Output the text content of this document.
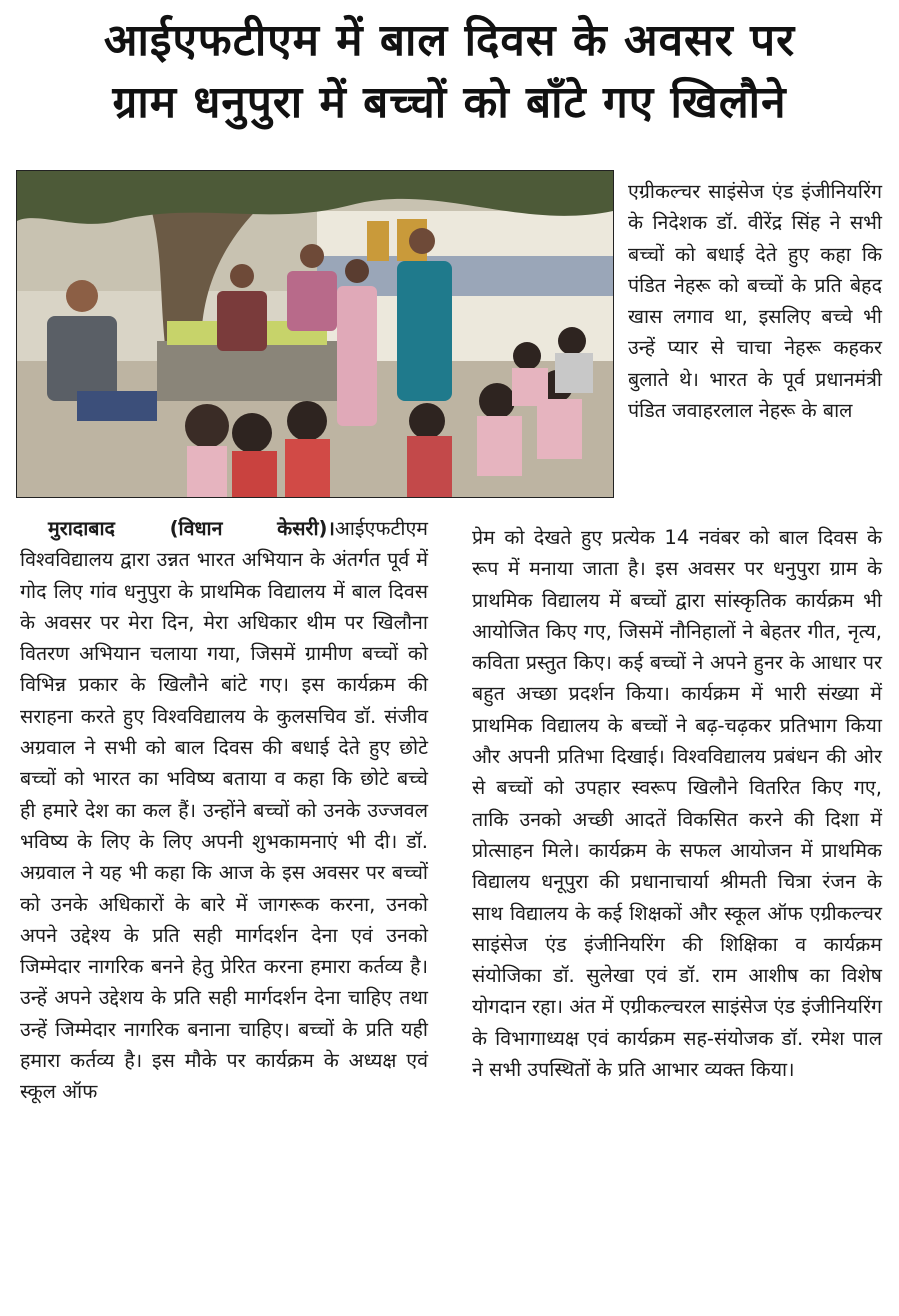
आईएफटीएम में बाल दिवस के अवसर पर
ग्राम धनुपुरा में बच्चों को बाँटे गए खिलौने

एग्रीकल्चर साइंसेज एंड इंजीनियरिंग के निदेशक डॉ. वीरेंद्र सिंह ने सभी बच्चों को बधाई देते हुए कहा कि पंडित नेहरू को बच्चों के प्रति बेहद खास लगाव था, इसलिए बच्चे भी उन्हें प्यार से चाचा नेहरू कहकर बुलाते थे। भारत के पूर्व प्रधानमंत्री पंडित जवाहरलाल नेहरू के बाल

मुरादाबाद (विधान केसरी)।आईएफटीएम विश्वविद्यालय द्वारा उन्नत भारत अभियान के अंतर्गत पूर्व में गोद लिए गांव धनुपुरा के प्राथमिक विद्यालय में बाल दिवस के अवसर पर मेरा दिन, मेरा अधिकार थीम पर खिलौना वितरण अभियान चलाया गया, जिसमें ग्रामीण बच्चों को विभिन्न प्रकार के खिलौने बांटे गए। इस कार्यक्रम की सराहना करते हुए विश्वविद्यालय के कुलसचिव डॉ. संजीव अग्रवाल ने सभी को बाल दिवस की बधाई देते हुए छोटे बच्चों को भारत का भविष्य बताया व कहा कि छोटे बच्चे ही हमारे देश का कल हैं। उन्होंने बच्चों को उनके उज्जवल भविष्य के लिए के लिए अपनी शुभकामनाएं भी दी। डॉ. अग्रवाल ने यह भी कहा कि आज के इस अवसर पर बच्चों को उनके अधिकारों के बारे में जागरूक करना, उनको अपने उद्देश्य के प्रति सही मार्गदर्शन देना एवं उनको जिम्मेदार नागरिक बनने हेतु प्रेरित करना हमारा कर्तव्य है। उन्हें अपने उद्देशय के प्रति सही मार्गदर्शन देना चाहिए तथा उन्हें जिम्मेदार नागरिक बनाना चाहिए। बच्चों के प्रति यही हमारा कर्तव्य है। इस मौके पर कार्यक्रम के अध्यक्ष एवं स्कूल ऑफ

प्रेम को देखते हुए प्रत्येक 14 नवंबर को बाल दिवस के रूप में मनाया जाता है। इस अवसर पर धनुपुरा ग्राम के प्राथमिक विद्यालय में बच्चों द्वारा सांस्कृतिक कार्यक्रम भी आयोजित किए गए, जिसमें नौनिहालों ने बेहतर गीत, नृत्य, कविता प्रस्तुत किए। कई बच्चों ने अपने हुनर के आधार पर बहुत अच्छा प्रदर्शन किया। कार्यक्रम में भारी संख्या में प्राथमिक विद्यालय के बच्चों ने बढ़-चढ़कर प्रतिभाग किया और अपनी प्रतिभा दिखाई। विश्वविद्यालय प्रबंधन की ओर से बच्चों को उपहार स्वरूप खिलौने वितरित किए गए, ताकि उनको अच्छी आदतें विकसित करने की दिशा में प्रोत्साहन मिले। कार्यक्रम के सफल आयोजन में प्राथमिक विद्यालय धनूपुरा की प्रधानाचार्या श्रीमती चित्रा रंजन के साथ विद्यालय के कई शिक्षकों और स्कूल ऑफ एग्रीकल्चर साइंसेज एंड इंजीनियरिंग की शिक्षिका व कार्यक्रम संयोजिका डॉ. सुलेखा एवं डॉ. राम आशीष का विशेष योगदान रहा। अंत में एग्रीकल्चरल साइंसेज एंड इंजीनियरिंग के विभागाध्यक्ष एवं कार्यक्रम सह-संयोजक डॉ. रमेश पाल ने सभी उपस्थितों के प्रति आभार व्यक्त किया।
